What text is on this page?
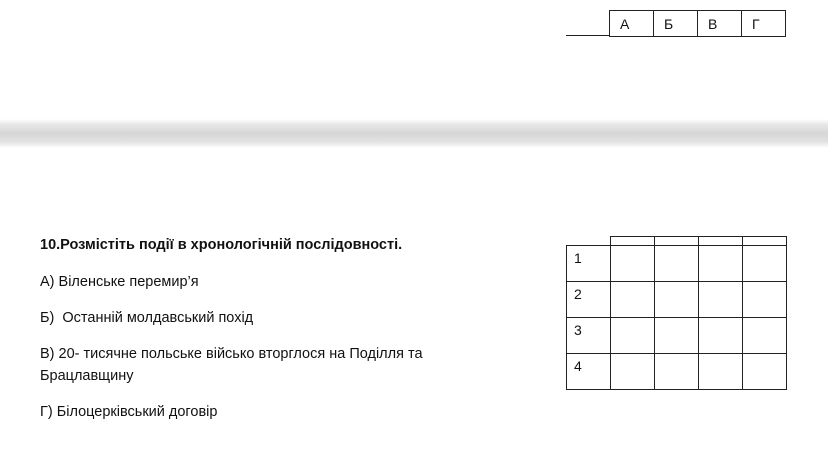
А	Б	В	Г
10.Розмістіть події в хронологічній послідовності.
А) Віленське перемир’я
Б)  Останній молдавський похід
В) 20- тисячне польське військо вторглося на Поділля та
Брацлавщину
Г) Білоцерківський договір

1				
2				
3				
4				
